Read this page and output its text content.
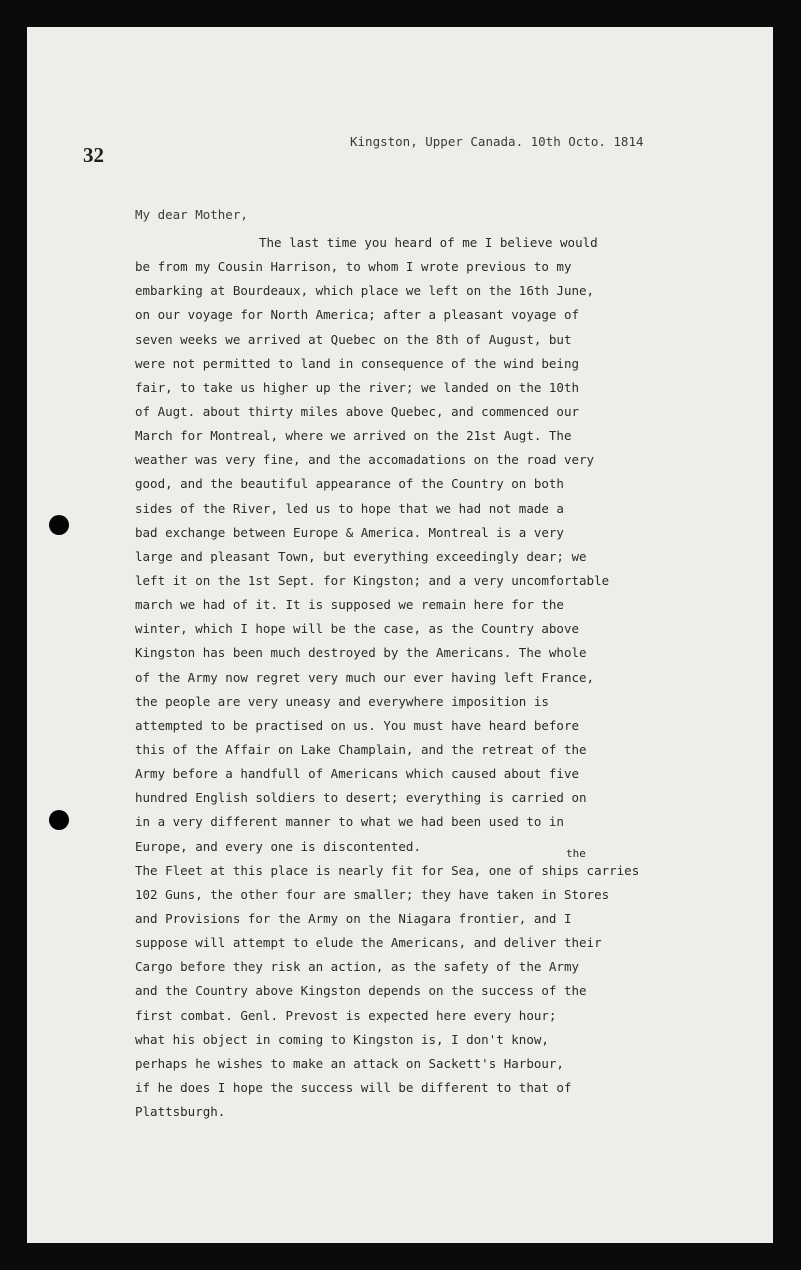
32
Kingston, Upper Canada. 10th Octo. 1814
My dear Mother,
The last time you heard of me I believe would
be from my Cousin Harrison, to whom I wrote previous to my
embarking at Bourdeaux, which place we left on the 16th June,
on our voyage for North America; after a pleasant voyage of
seven weeks we arrived at Quebec on the 8th of August, but
were not permitted to land in consequence of the wind being
fair, to take us higher up the river; we landed on the 10th
of Augt. about thirty miles above Quebec, and commenced our
March for Montreal, where we arrived on the 21st Augt. The
weather was very fine, and the accomadations on the road very
good, and the beautiful appearance of the Country on both
sides of the River, led us to hope that we had not made a
bad exchange between Europe & America. Montreal is a very
large and pleasant Town, but everything exceedingly dear; we
left it on the 1st Sept. for Kingston; and a very uncomfortable
march we had of it. It is supposed we remain here for the
winter, which I hope will be the case, as the Country above
Kingston has been much destroyed by the Americans. The whole
of the Army now regret very much our ever having left France,
the people are very uneasy and everywhere imposition is
attempted to be practised on us. You must have heard before
this of the Affair on Lake Champlain, and the retreat of the
Army before a handfull of Americans which caused about five
hundred English soldiers to desert; everything is carried on
in a very different manner to what we had been used to in
Europe, and every one is discontented.	the
The Fleet at this place is nearly fit for Sea, one of ships carries
102 Guns, the other four are smaller; they have taken in Stores
and Provisions for the Army on the Niagara frontier, and I
suppose will attempt to elude the Americans, and deliver their
Cargo before they risk an action, as the safety of the Army
and the Country above Kingston depends on the success of the
first combat. Genl. Prevost is expected here every hour;
what his object in coming to Kingston is, I don't know,
perhaps he wishes to make an attack on Sackett's Harbour,
if he does I hope the success will be different to that of
Plattsburgh.
